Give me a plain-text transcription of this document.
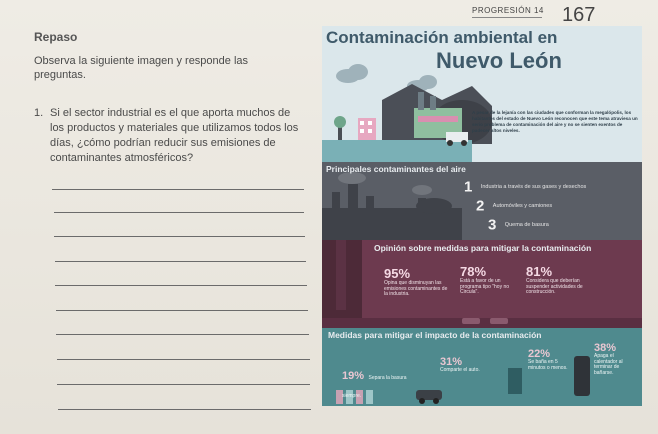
PROGRESIÓN 14 167
Repaso
Observa la siguiente imagen y responde las preguntas.
1. Si el sector industrial es el que aporta muchos de los productos y materiales que utilizamos todos los días, ¿cómo podrían reducir sus emisiones de contaminantes atmosféricos?
Contaminación ambiental en
Nuevo León
A pesar de la lejanía con las ciudades que conforman la megalópolis, los habitantes del estado de Nuevo León reconocen que este tema atraviesa un serio problema de contaminación del aire y no se sienten exentos de padecer altos niveles.
Principales contaminantes del aire
1 Industria a través de sus gases y desechos
2 Automóviles y camiones
3 Quema de basura
Opinión sobre medidas para mitigar la contaminación
95%
Opina que disminuyan las emisiones contaminantes de la industria.
78%
Está a favor de un programa tipo "hoy no Circula".
81%
Considera que deberían suspender actividades de construcción.
Medidas para mitigar el impacto de la contaminación
19% Separa la basura siempre.
31%
Comparte el auto.
22%
Se baña en 5 minutos o menos.
38%
Apaga el calentador al terminar de bañarse.
